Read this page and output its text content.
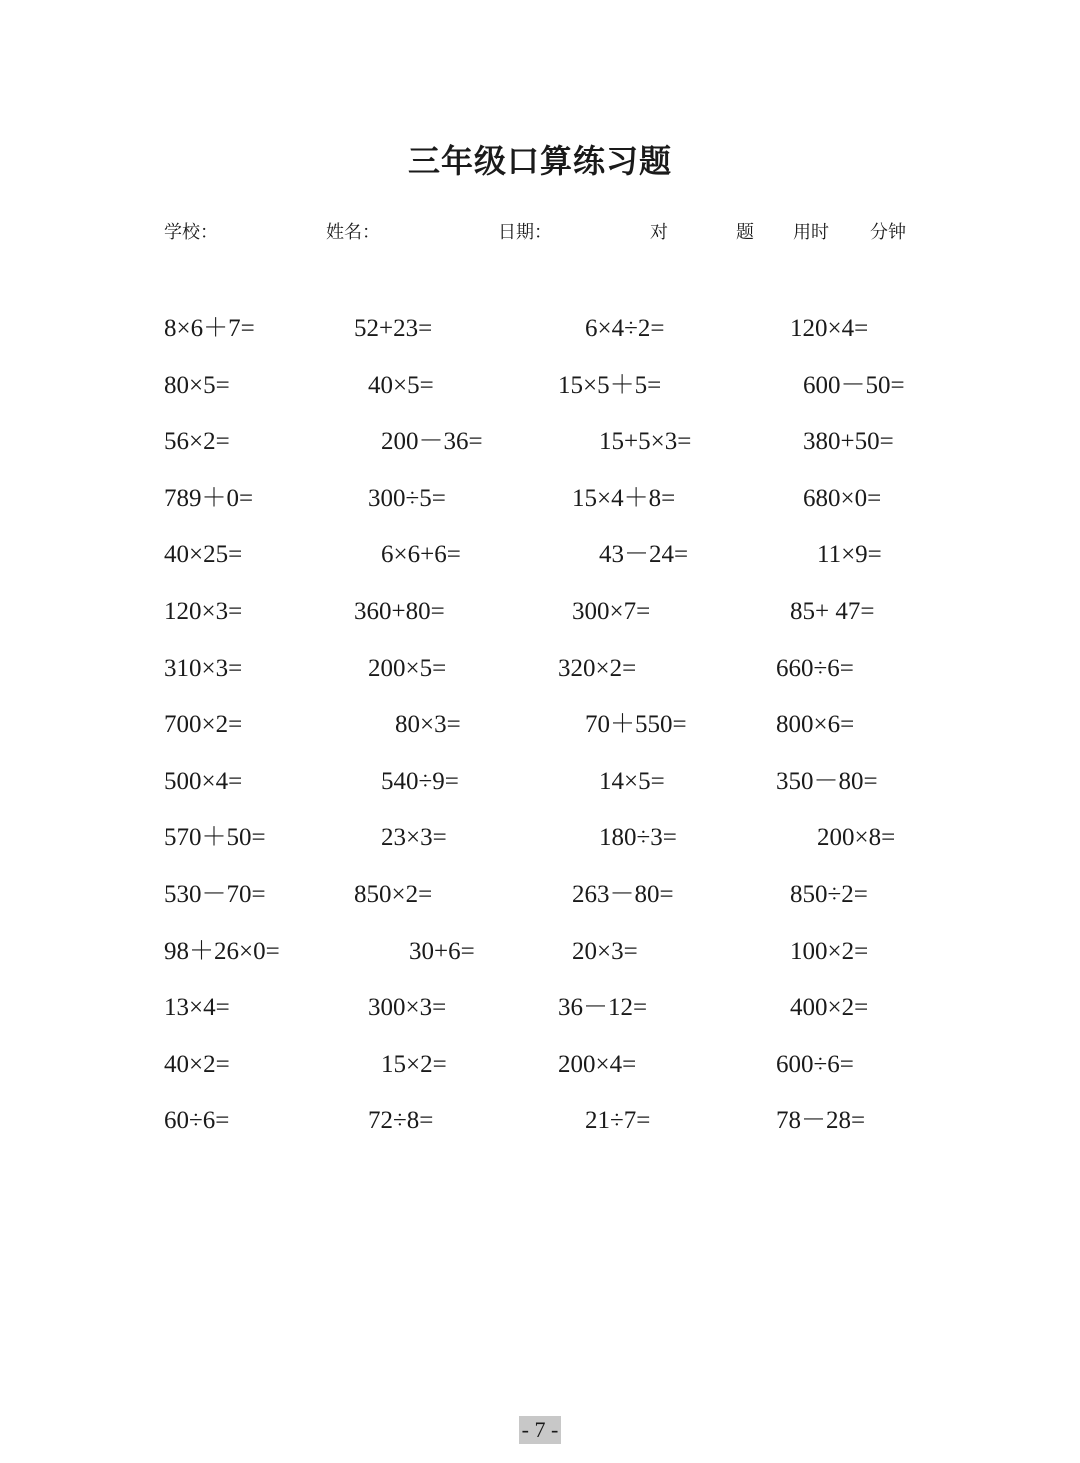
三年级口算练习题
学校：	姓名：	日期：	对	题 用时 分钟
8×6＋7=	52+23=	6×4÷2=	120×4=
80×5=	40×5=	15×5＋5=	600－50=
56×2=	200－36=	15+5×3=	380+50=
789＋0=	300÷5=	15×4＋8=	680×0=
40×25=	6×6+6=	43－24=	11×9=
120×3=	360+80=	300×7=	85+ 47=
310×3=	200×5=	320×2=	660÷6=
700×2=	80×3=	70＋550=	800×6=
500×4=	540÷9=	14×5=	350－80=
570＋50=	23×3=	180÷3=	200×8=
530－70=	850×2=	263－80=	850÷2=
98＋26×0=	30+6=	20×3=	100×2=
13×4=	300×3=	36－12=	400×2=
40×2=	15×2=	200×4=	600÷6=
60÷6=	72÷8=	21÷7=	78－28=
- 7 -
